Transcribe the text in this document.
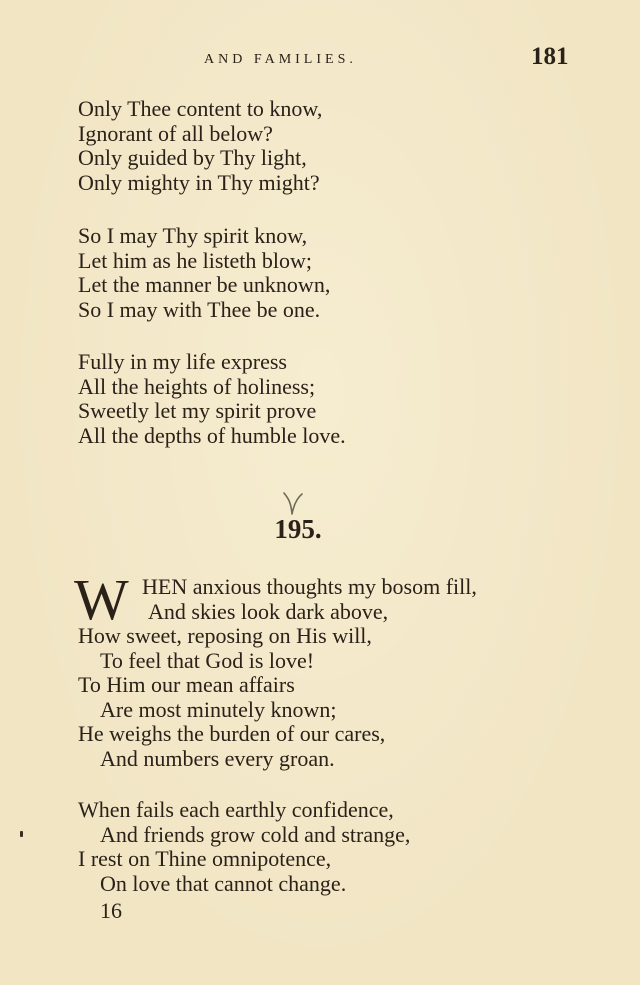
AND FAMILIES.	181
Only Thee content to know,
Ignorant of all below?
Only guided by Thy light,
Only mighty in Thy might?
So I may Thy spirit know,
Let him as he listeth blow;
Let the manner be unknown,
So I may with Thee be one.
Fully in my life express
All the heights of holiness;
Sweetly let my spirit prove
All the depths of humble love.
195.
W HEN anxious thoughts my bosom fill,
And skies look dark above,
How sweet, reposing on His will,
To feel that God is love!
To Him our mean affairs
Are most minutely known;
He weighs the burden of our cares,
And numbers every groan.
When fails each earthly confidence,
And friends grow cold and strange,
I rest on Thine omnipotence,
On love that cannot change.
16
